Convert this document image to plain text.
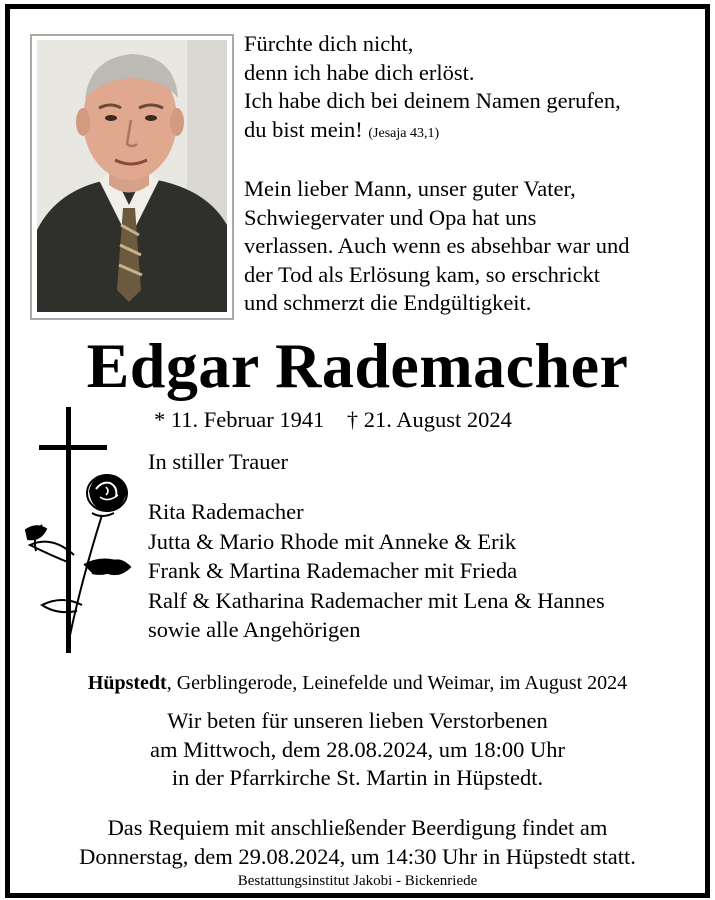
Fürchte dich nicht,
denn ich habe dich erlöst.
Ich habe dich bei deinem Namen gerufen,
du bist mein! (Jesaja 43,1)
Mein lieber Mann, unser guter Vater,
Schwiegervater und Opa hat uns
verlassen. Auch wenn es absehbar war und
der Tod als Erlösung kam, so erschrickt
und schmerzt die Endgültigkeit.
Edgar Rademacher
* 11. Februar 1941 † 21. August 2024
In stiller Trauer
Rita Rademacher
Jutta & Mario Rhode mit Anneke & Erik
Frank & Martina Rademacher mit Frieda
Ralf & Katharina Rademacher mit Lena & Hannes
sowie alle Angehörigen
Hüpstedt, Gerblingerode, Leinefelde und Weimar, im August 2024
Wir beten für unseren lieben Verstorbenen
am Mittwoch, dem 28.08.2024, um 18:00 Uhr
in der Pfarrkirche St. Martin in Hüpstedt.
Das Requiem mit anschließender Beerdigung findet am
Donnerstag, dem 29.08.2024, um 14:30 Uhr in Hüpstedt statt.
Bestattungsinstitut Jakobi - Bickenriede
